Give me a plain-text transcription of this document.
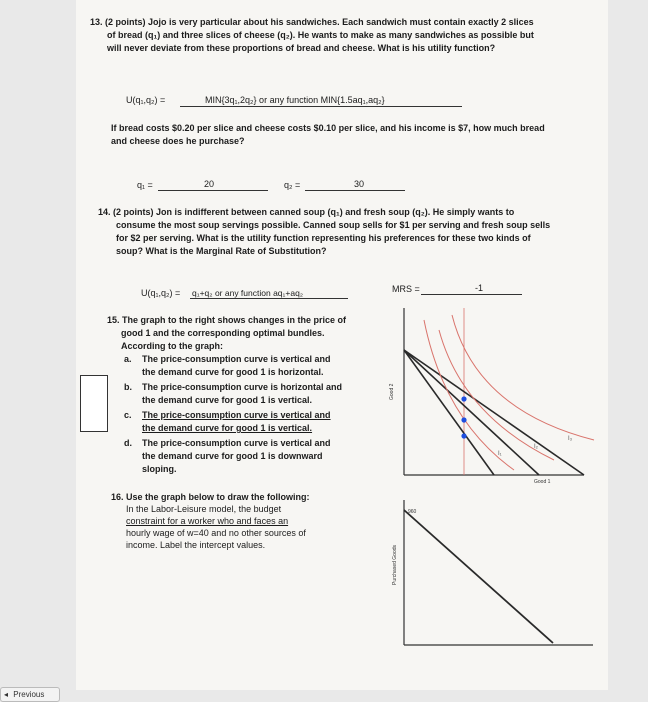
13. (2 points) Jojo is very particular about his sandwiches. Each sandwich must contain exactly 2 slices
of bread (q₁) and three slices of cheese (q₂). He wants to make as many sandwiches as possible but
will never deviate from these proportions of bread and cheese. What is his utility function?
U(q₁,q₂) =	MIN{3q₁,2q₂} or any function MIN{1.5aq₁,aq₂}
If bread costs $0.20 per slice and cheese costs $0.10 per slice, and his income is $7, how much bread
and cheese does he purchase?
q₁ =	20	q₂ =	30
14. (2 points) Jon is indifferent between canned soup (q₁) and fresh soup (q₂). He simply wants to
consume the most soup servings possible. Canned soup sells for $1 per serving and fresh soup sells
for $2 per serving. What is the utility function representing his preferences for these two kinds of
soup? What is the Marginal Rate of Substitution?
U(q₁,q₂) = q₁+q₂ or any function aq₁+aq₂	MRS =	-1
15. The graph to the right shows changes in the price of
good 1 and the corresponding optimal bundles.
According to the graph:
a. The price-consumption curve is vertical and
the demand curve for good 1 is horizontal.
b. The price-consumption curve is horizontal and
the demand curve for good 1 is vertical.
c. The price-consumption curve is vertical and
the demand curve for good 1 is vertical.
d. The price-consumption curve is vertical and
the demand curve for good 1 is downward
sloping.
Good 2
Good 1
I₁
I₂
I₃
16. Use the graph below to draw the following:
In the Labor-Leisure model, the budget
constraint for a worker who and faces an
hourly wage of w=40 and no other sources of
income. Label the intercept values.	Purchased Goods
960
◂ Previous
